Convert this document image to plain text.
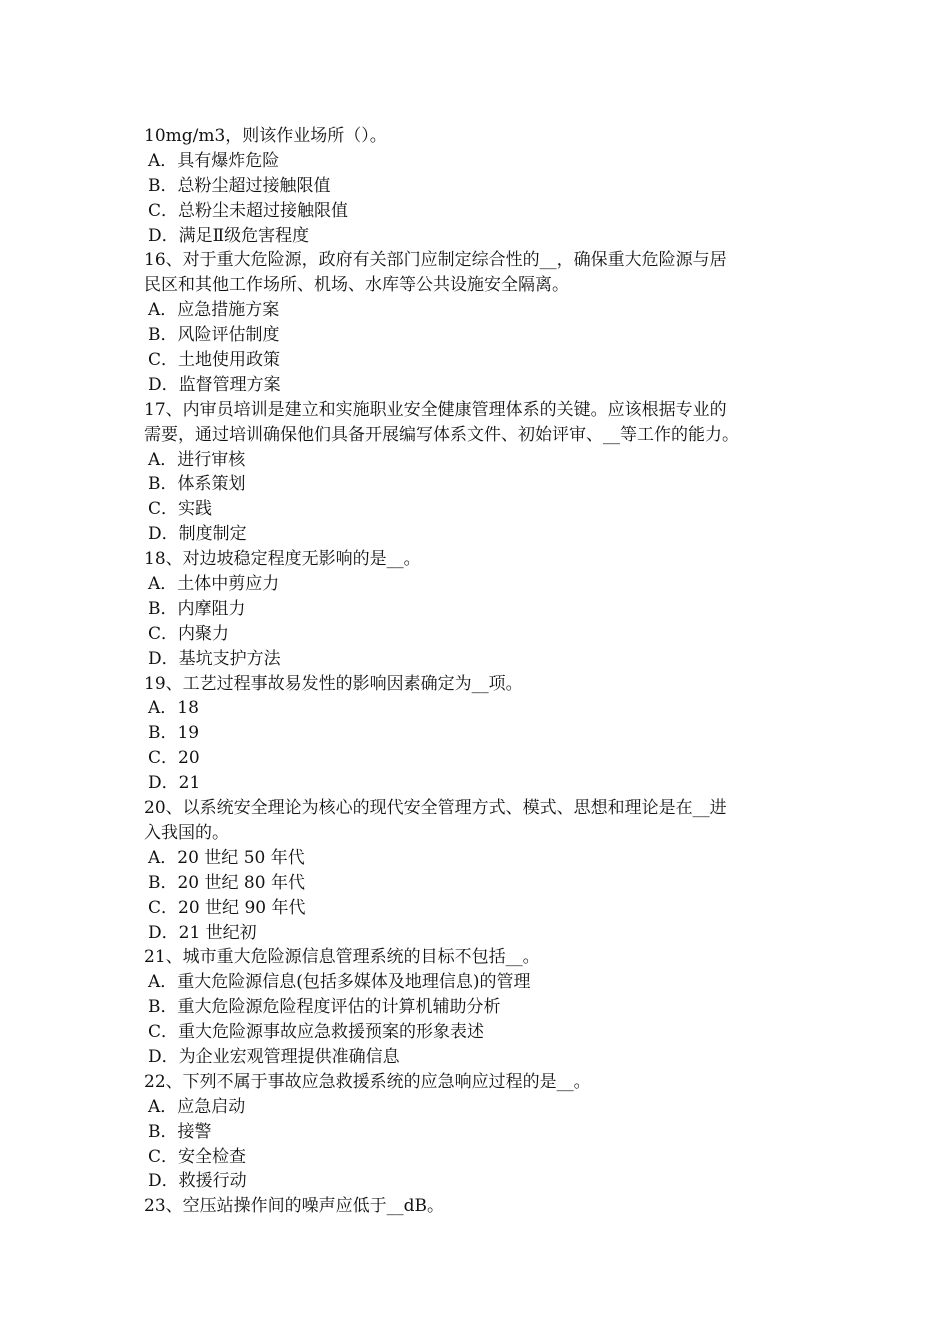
10mg/m3，则该作业场所（）。
A．具有爆炸危险
B．总粉尘超过接触限值
C．总粉尘未超过接触限值
D．满足Ⅱ级危害程度
16、对于重大危险源，政府有关部门应制定综合性的__，确保重大危险源与居
民区和其他工作场所、机场、水库等公共设施安全隔离。
A．应急措施方案
B．风险评估制度
C．土地使用政策
D．监督管理方案
17、内审员培训是建立和实施职业安全健康管理体系的关键。应该根据专业的
需要，通过培训确保他们具备开展编写体系文件、初始评审、__等工作的能力。
A．进行审核
B．体系策划
C．实践
D．制度制定
18、对边坡稳定程度无影响的是__。
A．土体中剪应力
B．内摩阻力
C．内聚力
D．基坑支护方法
19、工艺过程事故易发性的影响因素确定为__项。
A．18
B．19
C．20
D．21
20、以系统安全理论为核心的现代安全管理方式、模式、思想和理论是在__进
入我国的。
A．20 世纪 50 年代
B．20 世纪 80 年代
C．20 世纪 90 年代
D．21 世纪初
21、城市重大危险源信息管理系统的目标不包括__。
A．重大危险源信息(包括多媒体及地理信息)的管理
B．重大危险源危险程度评估的计算机辅助分析
C．重大危险源事故应急救援预案的形象表述
D．为企业宏观管理提供准确信息
22、下列不属于事故应急救援系统的应急响应过程的是__。
A．应急启动
B．接警
C．安全检查
D．救援行动
23、空压站操作间的噪声应低于__dB。
